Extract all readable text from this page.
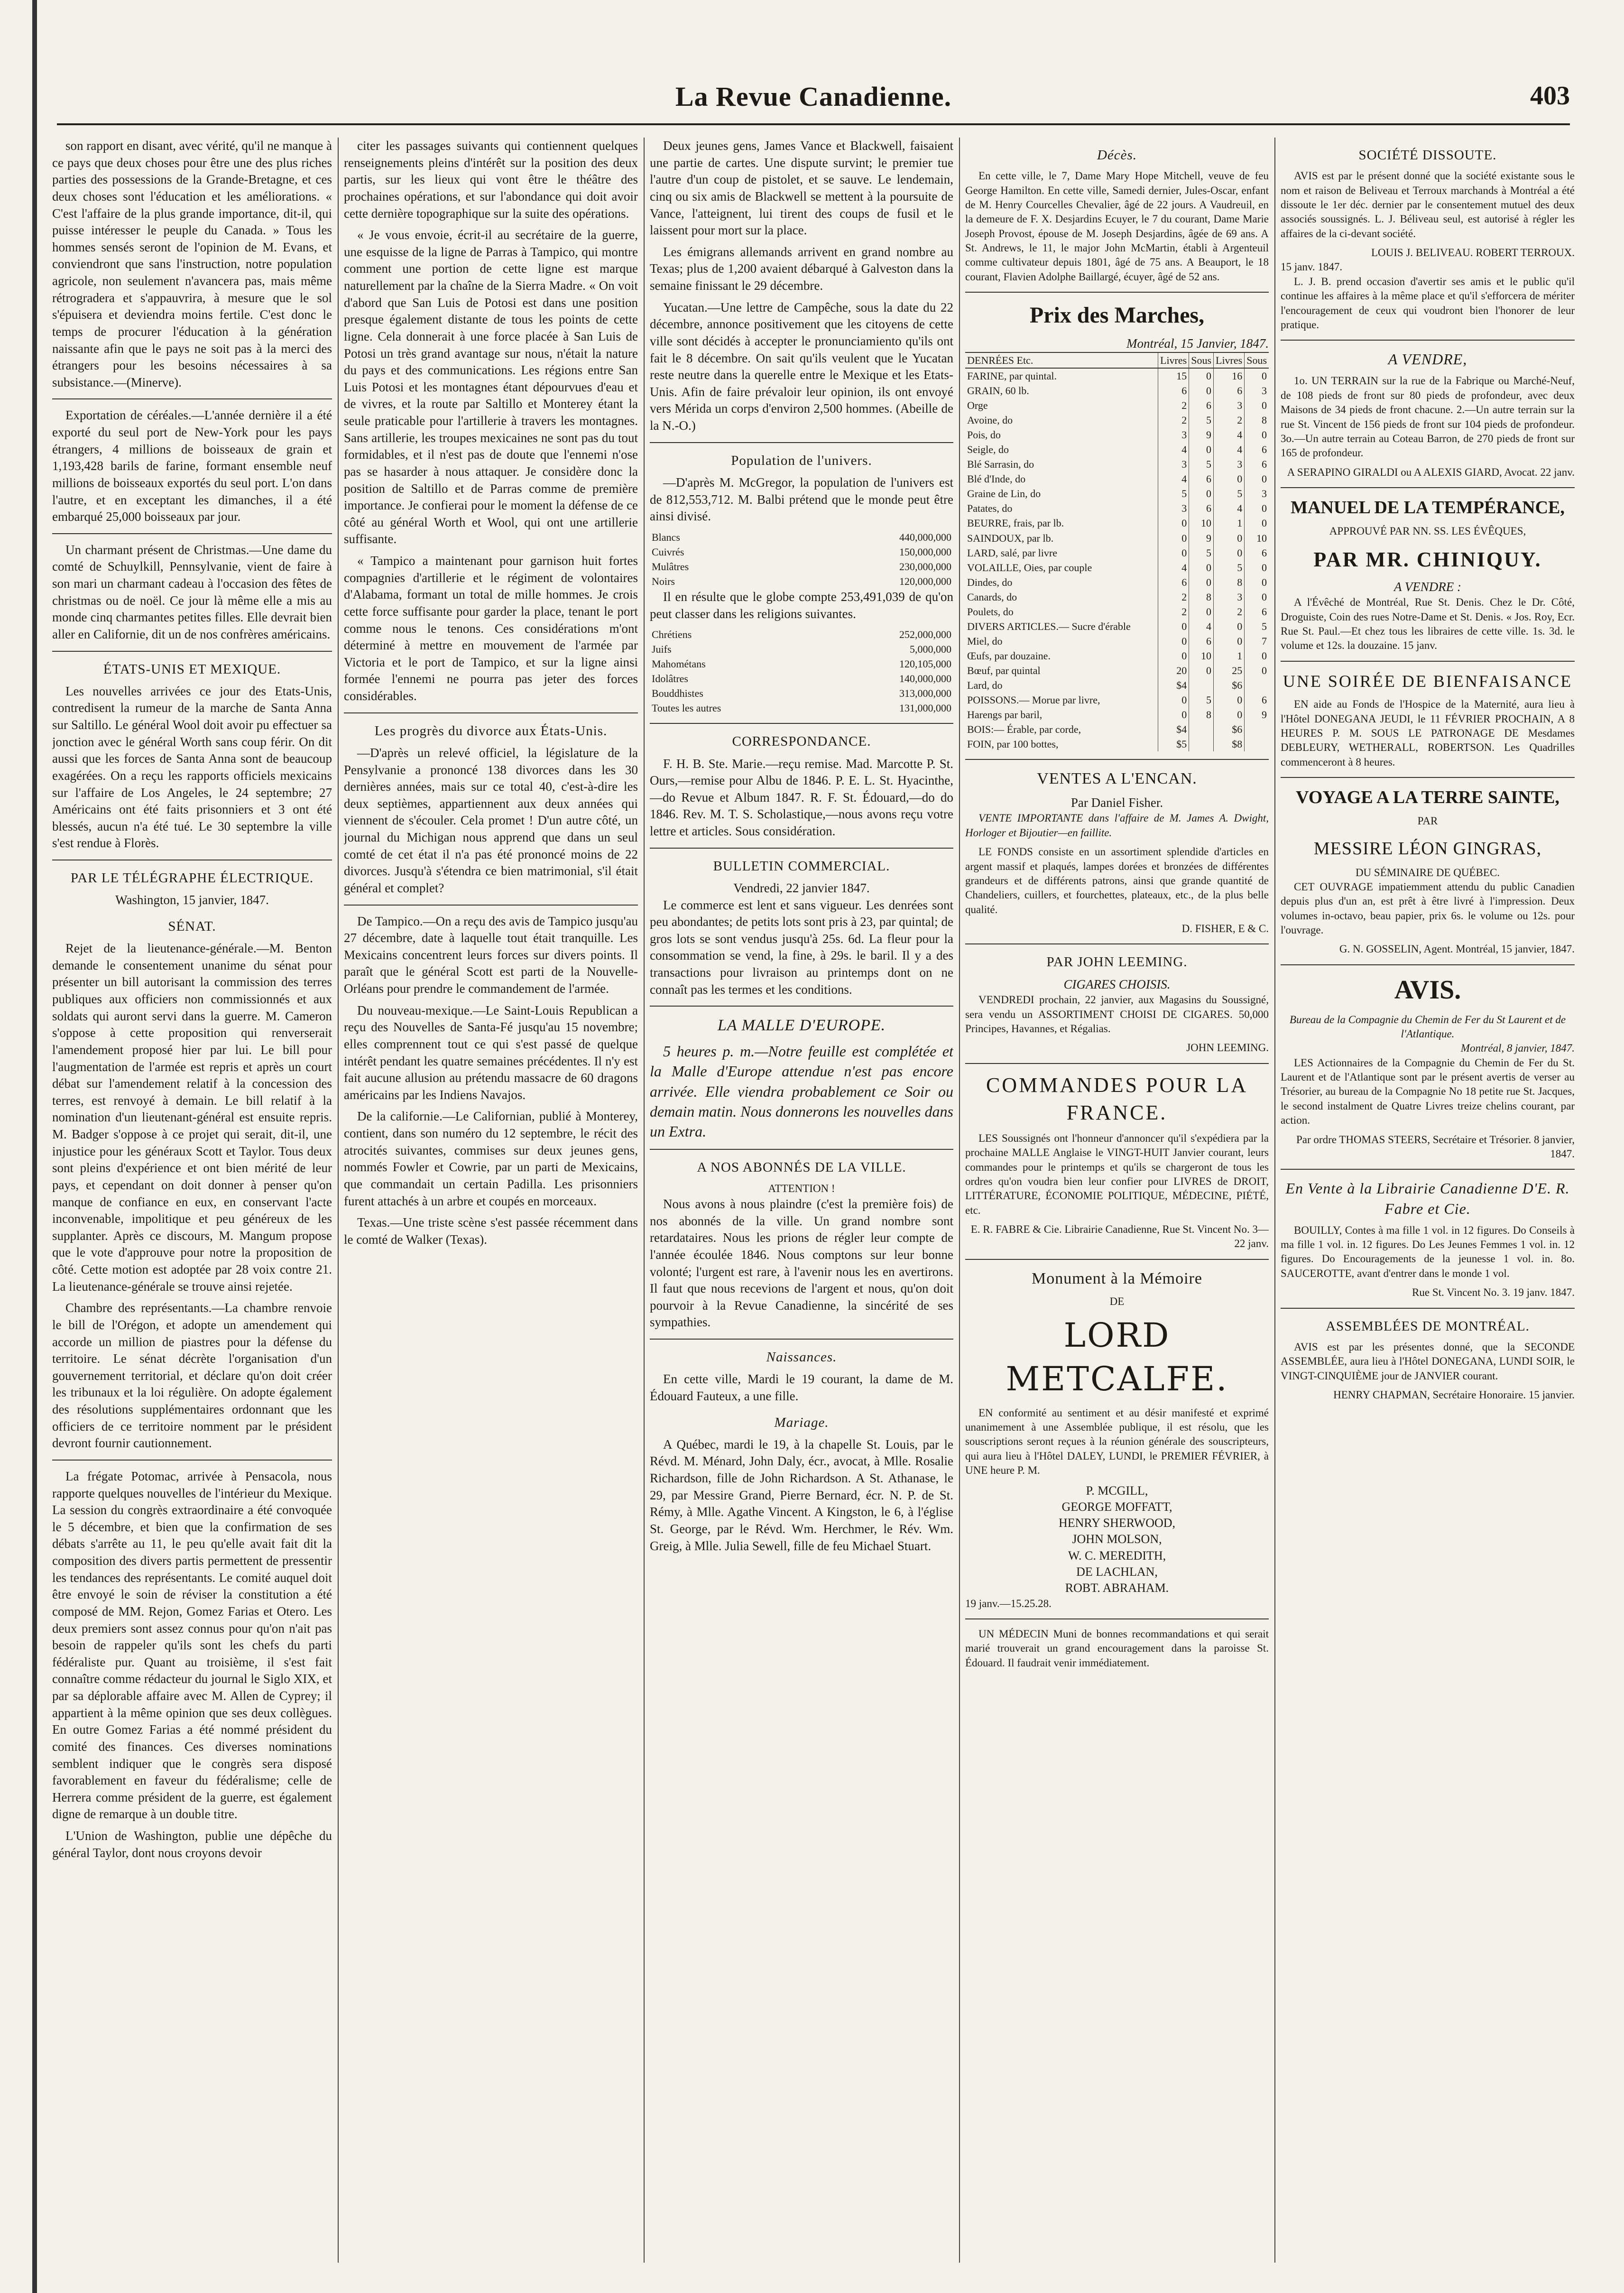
La Revue Canadienne.	403

son rapport en disant, avec vérité, qu'il ne manque à ce pays que deux choses pour être une des plus riches parties des possessions de la Grande-Bretagne, et ces deux choses sont l'éducation et les améliorations. « C'est l'affaire de la plus grande importance, dit-il, qui puisse intéresser le peuple du Canada. » Tous les hommes sensés seront de l'opinion de M. Evans, et conviendront que sans l'instruction, notre population agricole, non seulement n'avancera pas, mais même rétrogradera et s'appauvrira, à mesure que le sol s'épuisera et deviendra moins fertile. C'est donc le temps de procurer l'éducation à la génération naissante afin que le pays ne soit pas à la merci des étrangers pour les besoins nécessaires à sa subsistance.—(Minerve).

Exportation de céréales.—L'année dernière il a été exporté du seul port de New-York pour les pays étrangers, 4 millions de boisseaux de grain et 1,193,428 barils de farine, formant ensemble neuf millions de boisseaux exportés du seul port. L'on dans l'autre, et en exceptant les dimanches, il a été embarqué 25,000 boisseaux par jour.

Un charmant présent de Christmas.—Une dame du comté de Schuylkill, Pennsylvanie, vient de faire à son mari un charmant cadeau à l'occasion des fêtes de christmas ou de noël. Ce jour là même elle a mis au monde cinq charmantes petites filles. Elle devrait bien aller en Californie, dit un de nos confrères américains.

ÉTATS-UNIS ET MEXIQUE.

Les nouvelles arrivées ce jour des Etats-Unis, contredisent la rumeur de la marche de Santa Anna sur Saltillo. Le général Wool doit avoir pu effectuer sa jonction avec le général Worth sans coup férir. On dit aussi que les forces de Santa Anna sont de beaucoup exagérées. On a reçu les rapports officiels mexicains sur l'affaire de Los Angeles, le 24 septembre; 27 Américains ont été faits prisonniers et 3 ont été blessés, aucun n'a été tué. Le 30 septembre la ville s'est rendue à Florès.

PAR LE TÉLÉGRAPHE ÉLECTRIQUE.
Washington, 15 janvier, 1847.
SÉNAT.

Rejet de la lieutenance-générale.—M. Benton demande le consentement unanime du sénat pour présenter un bill autorisant la commission des terres publiques aux officiers non commissionnés et aux soldats qui auront servi dans la guerre. M. Cameron s'oppose à cette proposition qui renverserait l'amendement proposé hier par lui. Le bill pour l'augmentation de l'armée est repris et après un court débat sur l'amendement relatif à la concession des terres, est renvoyé à demain. Le bill relatif à la nomination d'un lieutenant-général est ensuite repris. M. Badger s'oppose à ce projet qui serait, dit-il, une injustice pour les généraux Scott et Taylor. Tous deux sont pleins d'expérience et ont bien mérité de leur pays, et cependant on doit donner à penser qu'on manque de confiance en eux, en conservant l'acte inconvenable, impolitique et peu généreux de les supplanter. Après ce discours, M. Mangum propose que le vote d'approuve pour notre la proposition de côté. Cette motion est adoptée par 28 voix contre 21. La lieutenance-générale se trouve ainsi rejetée.

Chambre des représentants.—La chambre renvoie le bill de l'Orégon, et adopte un amendement qui accorde un million de piastres pour la défense du territoire. Le sénat décrète l'organisation d'un gouvernement territorial, et déclare qu'on doit créer les tribunaux et la loi régulière. On adopte également des résolutions supplémentaires ordonnant que les officiers de ce territoire nomment par le président devront fournir cautionnement.

La frégate Potomac, arrivée à Pensacola, nous rapporte quelques nouvelles de l'intérieur du Mexique. La session du congrès extraordinaire a été convoquée le 5 décembre, et bien que la confirmation de ses débats s'arrête au 11, le peu qu'elle avait fait dit la composition des divers partis permettent de pressentir les tendances des représentants. Le comité auquel doit être envoyé le soin de réviser la constitution a été composé de MM. Rejon, Gomez Farias et Otero. Les deux premiers sont assez connus pour qu'on n'ait pas besoin de rappeler qu'ils sont les chefs du parti fédéraliste pur. Quant au troisième, il s'est fait connaître comme rédacteur du journal le Siglo XIX, et par sa déplorable affaire avec M. Allen de Cyprey; il appartient à la même opinion que ses deux collègues. En outre Gomez Farias a été nommé président du comité des finances. Ces diverses nominations semblent indiquer que le congrès sera disposé favorablement en faveur du fédéralisme; celle de Herrera comme président de la guerre, est également digne de remarque à un double titre.

L'Union de Washington, publie une dépêche du général Taylor, dont nous croyons devoir

citer les passages suivants qui contiennent quelques renseignements pleins d'intérêt sur la position des deux partis, sur les lieux qui vont être le théâtre des prochaines opérations, et sur l'abondance qui doit avoir cette dernière topographique sur la suite des opérations.

« Je vous envoie, écrit-il au secrétaire de la guerre, une esquisse de la ligne de Parras à Tampico, qui montre comment une portion de cette ligne est marque naturellement par la chaîne de la Sierra Madre. « On voit d'abord que San Luis de Potosi est dans une position presque également distante de tous les points de cette ligne. Cela donnerait à une force placée à San Luis de Potosi un très grand avantage sur nous, n'était la nature du pays et des communications. Les régions entre San Luis Potosi et les montagnes étant dépourvues d'eau et de vivres, et la route par Saltillo et Monterey étant la seule praticable pour l'artillerie à travers les montagnes. Sans artillerie, les troupes mexicaines ne sont pas du tout formidables, et il n'est pas de doute que l'ennemi n'ose pas se hasarder à nous attaquer. Je considère donc la position de Saltillo et de Parras comme de première importance. Je confierai pour le moment la défense de ce côté au général Worth et Wool, qui ont une artillerie suffisante.

« Tampico a maintenant pour garnison huit fortes compagnies d'artillerie et le régiment de volontaires d'Alabama, formant un total de mille hommes. Je crois cette force suffisante pour garder la place, tenant le port comme nous le tenons. Ces considérations m'ont déterminé à mettre en mouvement de l'armée par Victoria et le port de Tampico, et sur la ligne ainsi formée l'ennemi ne pourra pas jeter des forces considérables.

Les progrès du divorce aux États-Unis.

—D'après un relevé officiel, la législature de la Pensylvanie a prononcé 138 divorces dans les 30 dernières années, mais sur ce total 40, c'est-à-dire les deux septièmes, appartiennent aux deux années qui viennent de s'écouler. Cela promet ! D'un autre côté, un journal du Michigan nous apprend que dans un seul comté de cet état il n'a pas été prononcé moins de 22 divorces. Jusqu'à s'étendra ce bien matrimonial, s'il était général et complet?

De Tampico.—On a reçu des avis de Tampico jusqu'au 27 décembre, date à laquelle tout était tranquille. Les Mexicains concentrent leurs forces sur divers points. Il paraît que le général Scott est parti de la Nouvelle-Orléans pour prendre le commandement de l'armée.

Du nouveau-mexique.—Le Saint-Louis Republican a reçu des Nouvelles de Santa-Fé jusqu'au 15 novembre; elles comprennent tout ce qui s'est passé de quelque intérêt pendant les quatre semaines précédentes. Il n'y est fait aucune allusion au prétendu massacre de 60 dragons américains par les Indiens Navajos.

De la californie.—Le Californian, publié à Monterey, contient, dans son numéro du 12 septembre, le récit des atrocités suivantes, commises sur deux jeunes gens, nommés Fowler et Cowrie, par un parti de Mexicains, que commandait un certain Padilla. Les prisonniers furent attachés à un arbre et coupés en morceaux.

Texas.—Une triste scène s'est passée récemment dans le comté de Walker (Texas).

Deux jeunes gens, James Vance et Blackwell, faisaient une partie de cartes. Une dispute survint; le premier tue l'autre d'un coup de pistolet, et se sauve. Le lendemain, cinq ou six amis de Blackwell se mettent à la poursuite de Vance, l'atteignent, lui tirent des coups de fusil et le laissent pour mort sur la place.

Les émigrans allemands arrivent en grand nombre au Texas; plus de 1,200 avaient débarqué à Galveston dans la semaine finissant le 29 décembre.

Yucatan.—Une lettre de Campêche, sous la date du 22 décembre, annonce positivement que les citoyens de cette ville sont décidés à accepter le pronunciamiento qu'ils ont fait le 8 décembre. On sait qu'ils veulent que le Yucatan reste neutre dans la querelle entre le Mexique et les Etats-Unis. Afin de faire prévaloir leur opinion, ils ont envoyé vers Mérida un corps d'environ 2,500 hommes. (Abeille de la N.-O.)

Population de l'univers.

—D'après M. McGregor, la population de l'univers est de 812,553,712. M. Balbi prétend que le monde peut être ainsi divisé.

Blancs	440,000,000
Cuivrés	150,000,000
Mulâtres	230,000,000
Noirs	120,000,000

Il en résulte que le globe compte 253,491,039 de qu'on peut classer dans les religions suivantes.

Chrétiens	252,000,000
Juifs	5,000,000
Mahométans	120,105,000
Idolâtres	140,000,000
Bouddhistes	313,000,000
Toutes les autres	131,000,000
CORRESPONDANCE.

F. H. B. Ste. Marie.—reçu remise. Mad. Marcotte P. St. Ours,—remise pour Albu de 1846. P. E. L. St. Hyacinthe,—do Revue et Album 1847. R. F. St. Édouard,—do do 1846. Rev. M. T. S. Scholastique,—nous avons reçu votre lettre et articles. Sous considération.

BULLETIN COMMERCIAL.
Vendredi, 22 janvier 1847.

Le commerce est lent et sans vigueur. Les denrées sont peu abondantes; de petits lots sont pris à 23, par quintal; de gros lots se sont vendus jusqu'à 25s. 6d. La fleur pour la consommation se vend, la fine, à 29s. le baril. Il y a des transactions pour livraison au printemps dont on ne connaît pas les termes et les conditions.

LA MALLE D'EUROPE.

5 heures p. m.—Notre feuille est complétée et la Malle d'Europe attendue n'est pas encore arrivée. Elle viendra probablement ce Soir ou demain matin. Nous donnerons les nouvelles dans un Extra.

A NOS ABONNÉS DE LA VILLE.
ATTENTION !

Nous avons à nous plaindre (c'est la première fois) de nos abonnés de la ville. Un grand nombre sont retardataires. Nous les prions de régler leur compte de l'année écoulée 1846. Nous comptons sur leur bonne volonté; l'urgent est rare, à l'avenir nous les en avertirons. Il faut que nous recevions de l'argent et nous, qu'on doit pourvoir à la Revue Canadienne, la sincérité de ses sympathies.

Naissances.

En cette ville, Mardi le 19 courant, la dame de M. Édouard Fauteux, a une fille.

Mariage.

A Québec, mardi le 19, à la chapelle St. Louis, par le Révd. M. Ménard, John Daly, écr., avocat, à Mlle. Rosalie Richardson, fille de John Richardson. A St. Athanase, le 29, par Messire Grand, Pierre Bernard, écr. N. P. de St. Rémy, à Mlle. Agathe Vincent. A Kingston, le 6, à l'église St. George, par le Révd. Wm. Herchmer, le Rév. Wm. Greig, à Mlle. Julia Sewell, fille de feu Michael Stuart.

Décès.

En cette ville, le 7, Dame Mary Hope Mitchell, veuve de feu George Hamilton. En cette ville, Samedi dernier, Jules-Oscar, enfant de M. Henry Courcelles Chevalier, âgé de 22 jours. A Vaudreuil, en la demeure de F. X. Desjardins Ecuyer, le 7 du courant, Dame Marie Joseph Provost, épouse de M. Joseph Desjardins, âgée de 69 ans. A St. Andrews, le 11, le major John McMartin, établi à Argenteuil comme cultivateur depuis 1801, âgé de 75 ans. A Beauport, le 18 courant, Flavien Adolphe Baillargé, écuyer, âgé de 52 ans.

Prix des Marches,
Montréal, 15 Janvier, 1847.
DENRÉES Etc.	Livres	Sous	Livres	Sous
FARINE, par quintal.	15	0	16	0
GRAIN, 60 lb.	6	0	6	3
Orge	2	6	3	0
Avoine, do	2	5	2	8
Pois, do	3	9	4	0
Seigle, do	4	0	4	6
Blé Sarrasin, do	3	5	3	6
Blé d'Inde, do	4	6	0	0
Graine de Lin, do	5	0	5	3
Patates, do	3	6	4	0
BEURRE, frais, par lb.	0	10	1	0
SAINDOUX, par lb.	0	9	0	10
LARD, salé, par livre	0	5	0	6
VOLAILLE, Oies, par couple	4	0	5	0
Dindes, do	6	0	8	0
Canards, do	2	8	3	0
Poulets, do	2	0	2	6
DIVERS ARTICLES.— Sucre d'érable	0	4	0	5
Miel, do	0	6	0	7
Œufs, par douzaine.	0	10	1	0
Bœuf, par quintal	20	0	25	0
Lard, do	$4		$6	
POISSONS.— Morue par livre,	0	5	0	6
Harengs par baril,	0	8	0	9
BOIS:— Érable, par corde,	$4		$6	
FOIN, par 100 bottes,	$5		$8	
VENTES A L'ENCAN.
Par Daniel Fisher.

VENTE IMPORTANTE dans l'affaire de M. James A. Dwight, Horloger et Bijoutier—en faillite.

LE FONDS consiste en un assortiment splendide d'articles en argent massif et plaqués, lampes dorées et bronzées de différentes grandeurs et de différents patrons, ainsi que grande quantité de Chandeliers, cuillers, et fourchettes, plateaux, etc., de la plus belle qualité.

D. FISHER, E & C.
PAR JOHN LEEMING.
CIGARES CHOISIS.

VENDREDI prochain, 22 janvier, aux Magasins du Soussigné, sera vendu un ASSORTIMENT CHOISI DE CIGARES. 50,000 Principes, Havannes, et Régalias.

JOHN LEEMING.
COMMANDES POUR LA FRANCE.

LES Soussignés ont l'honneur d'annoncer qu'il s'expédiera par la prochaine MALLE Anglaise le VINGT-HUIT Janvier courant, leurs commandes pour le printemps et qu'ils se chargeront de tous les ordres qu'on voudra bien leur confier pour LIVRES de DROIT, LITTÉRATURE, ÉCONOMIE POLITIQUE, MÉDECINE, PIÉTÉ, etc.

E. R. FABRE & Cie. Librairie Canadienne, Rue St. Vincent No. 3—22 janv.
Monument à la Mémoire
DE
LORD METCALFE.

EN conformité au sentiment et au désir manifesté et exprimé unanimement à une Assemblée publique, il est résolu, que les souscriptions seront reçues à la réunion générale des souscripteurs, qui aura lieu à l'Hôtel DALEY, LUNDI, le PREMIER FÉVRIER, à UNE heure P. M.

P. MCGILL,
GEORGE MOFFATT,
HENRY SHERWOOD,
JOHN MOLSON,
W. C. MEREDITH,
DE LACHLAN,
ROBT. ABRAHAM.
19 janv.—15.25.28.

UN MÉDECIN Muni de bonnes recommandations et qui serait marié trouverait un grand encouragement dans la paroisse St. Édouard. Il faudrait venir immédiatement.

SOCIÉTÉ DISSOUTE.

AVIS est par le présent donné que la société existante sous le nom et raison de Beliveau et Terroux marchands à Montréal a été dissoute le 1er déc. dernier par le consentement mutuel des deux associés soussignés. L. J. Béliveau seul, est autorisé à régler les affaires de la ci-devant société.

LOUIS J. BELIVEAU. ROBERT TERROUX.
15 janv. 1847.

L. J. B. prend occasion d'avertir ses amis et le public qu'il continue les affaires à la même place et qu'il s'efforcera de mériter l'encouragement de ceux qui voudront bien l'honorer de leur pratique.

A VENDRE,

1o. UN TERRAIN sur la rue de la Fabrique ou Marché-Neuf, de 108 pieds de front sur 80 pieds de profondeur, avec deux Maisons de 34 pieds de front chacune. 2.—Un autre terrain sur la rue St. Vincent de 156 pieds de front sur 104 pieds de profondeur. 3o.—Un autre terrain au Coteau Barron, de 270 pieds de front sur 165 de profondeur.

A SERAPINO GIRALDI ou A ALEXIS GIARD, Avocat. 22 janv.
MANUEL DE LA TEMPÉRANCE,
APPROUVÉ PAR NN. SS. LES ÉVÊQUES,
PAR MR. CHINIQUY.
A VENDRE :

A l'Évêché de Montréal, Rue St. Denis. Chez le Dr. Côté, Droguiste, Coin des rues Notre-Dame et St. Denis. « Jos. Roy, Ecr. Rue St. Paul.—Et chez tous les libraires de cette ville. 1s. 3d. le volume et 12s. la douzaine. 15 janv.

UNE SOIRÉE DE BIENFAISANCE

EN aide au Fonds de l'Hospice de la Maternité, aura lieu à l'Hôtel DONEGANA JEUDI, le 11 FÉVRIER PROCHAIN, A 8 HEURES P. M. SOUS LE PATRONAGE DE Mesdames DEBLEURY, WETHERALL, ROBERTSON. Les Quadrilles commenceront à 8 heures.

VOYAGE A LA TERRE SAINTE,
PAR
MESSIRE LÉON GINGRAS,
DU SÉMINAIRE DE QUÉBEC.

CET OUVRAGE impatiemment attendu du public Canadien depuis plus d'un an, est prêt à être livré à l'impression. Deux volumes in-octavo, beau papier, prix 6s. le volume ou 12s. pour l'ouvrage.

G. N. GOSSELIN, Agent. Montréal, 15 janvier, 1847.
AVIS.
Bureau de la Compagnie du Chemin de Fer du St Laurent et de l'Atlantique.
Montréal, 8 janvier, 1847.

LES Actionnaires de la Compagnie du Chemin de Fer du St. Laurent et de l'Atlantique sont par le présent avertis de verser au Trésorier, au bureau de la Compagnie No 18 petite rue St. Jacques, le second instalment de Quatre Livres treize chelins courant, par action.

Par ordre THOMAS STEERS, Secrétaire et Trésorier. 8 janvier, 1847.
En Vente à la Librairie Canadienne D'E. R. Fabre et Cie.

BOUILLY, Contes à ma fille 1 vol. in 12 figures. Do Conseils à ma fille 1 vol. in. 12 figures. Do Les Jeunes Femmes 1 vol. in. 12 figures. Do Encouragements de la jeunesse 1 vol. in. 8o. SAUCEROTTE, avant d'entrer dans le monde 1 vol.

Rue St. Vincent No. 3. 19 janv. 1847.
ASSEMBLÉES DE MONTRÉAL.

AVIS est par les présentes donné, que la SECONDE ASSEMBLÉE, aura lieu à l'Hôtel DONEGANA, LUNDI SOIR, le VINGT-CINQUIÈME jour de JANVIER courant.

HENRY CHAPMAN, Secrétaire Honoraire. 15 janvier.
